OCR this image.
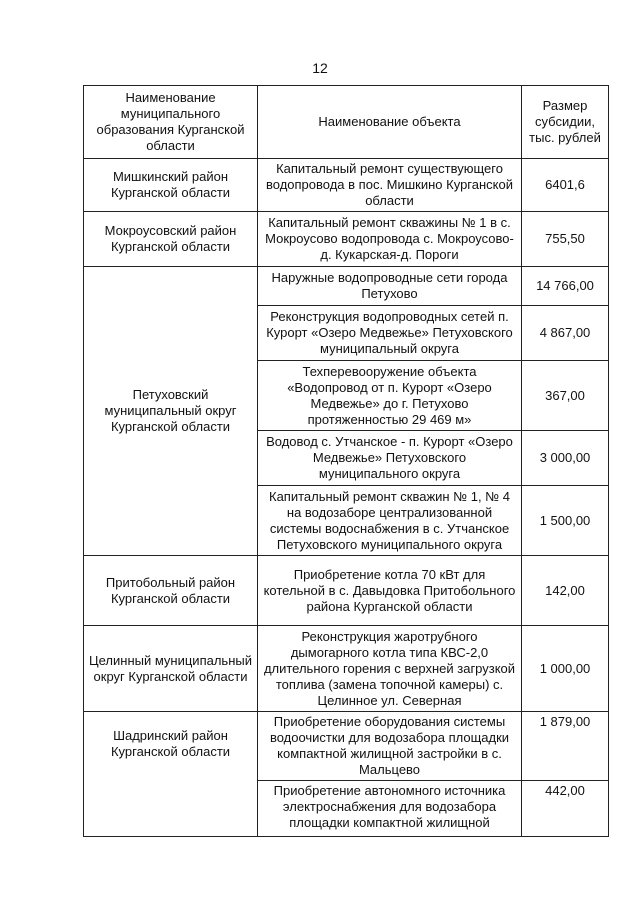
12
Наименование муниципального образования Курганской области	Наименование объекта	Размер субсидии, тыс. рублей
Мишкинский район Курганской области	Капитальный ремонт существующего водопровода в пос. Мишкино Курганской области	6401,6
Мокроусовский район Курганской области	Капитальный ремонт скважины № 1 в с. Мокроусово водопровода с. Мокроусово-д. Кукарская-д. Пороги	755,50
Петуховский муниципальный округ Курганской области	Наружные водопроводные сети города Петухово	14 766,00
	Реконструкция водопроводных сетей п. Курорт «Озеро Медвежье» Петуховского муниципальный округа	4 867,00
	Техперевооружение объекта «Водопровод от п. Курорт «Озеро Медвежье» до г. Петухово протяженностью 29 469 м»	367,00
	Водовод с. Утчанское - п. Курорт «Озеро Медвежье» Петуховского муниципального округа	3 000,00
	Капитальный ремонт скважин № 1, № 4 на водозаборе централизованной системы водоснабжения в с. Утчанское Петуховского муниципального округа	1 500,00
Притобольный район Курганской области	Приобретение котла 70 кВт для котельной в с. Давыдовка Притобольного района Курганской области	142,00
Целинный муниципальный округ Курганской области	Реконструкция жаротрубного дымогарного котла типа КВС-2,0 длительного горения с верхней загрузкой топлива (замена топочной камеры) с. Целинное ул. Северная	1 000,00
Шадринский район Курганской области	Приобретение оборудования системы водоочистки для водозабора площадки компактной жилищной застройки в с. Мальцево	1 879,00
	Приобретение автономного источника электроснабжения для водозабора площадки компактной жилищной	442,00
